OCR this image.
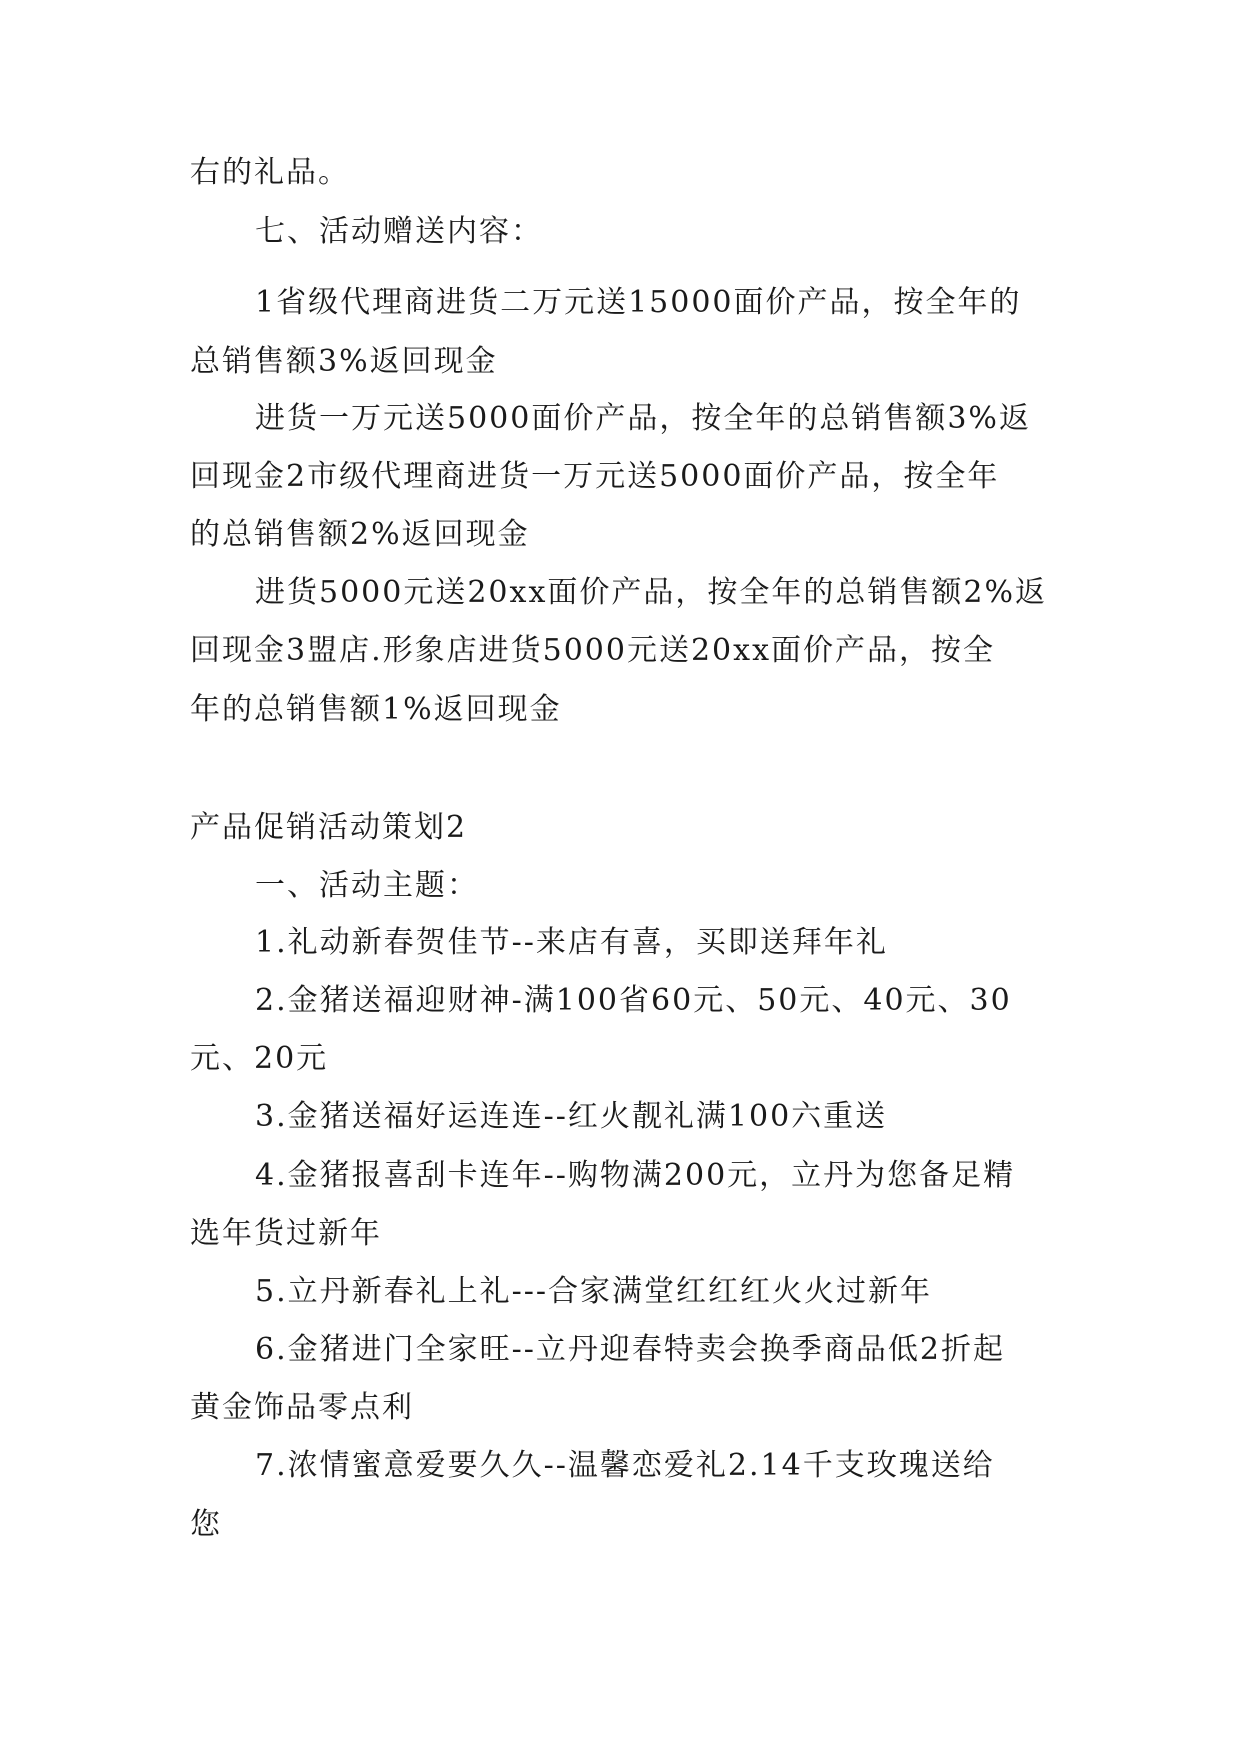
右的礼品。
七、活动赠送内容：
1省级代理商进货二万元送15000面价产品，按全年的
总销售额3%返回现金
进货一万元送5000面价产品，按全年的总销售额3%返
回现金2市级代理商进货一万元送5000面价产品，按全年
的总销售额2%返回现金
进货5000元送20xx面价产品，按全年的总销售额2%返
回现金3盟店.形象店进货5000元送20xx面价产品，按全
年的总销售额1%返回现金
产品促销活动策划2
一、活动主题：
1.礼动新春贺佳节--来店有喜，买即送拜年礼
2.金猪送福迎财神-满100省60元、50元、40元、30
元、20元
3.金猪送福好运连连--红火靓礼满100六重送
4.金猪报喜刮卡连年--购物满200元，立丹为您备足精
选年货过新年
5.立丹新春礼上礼---合家满堂红红红火火过新年
6.金猪进门全家旺--立丹迎春特卖会换季商品低2折起
黄金饰品零点利
7.浓情蜜意爱要久久--温馨恋爱礼2.14千支玫瑰送给
您
